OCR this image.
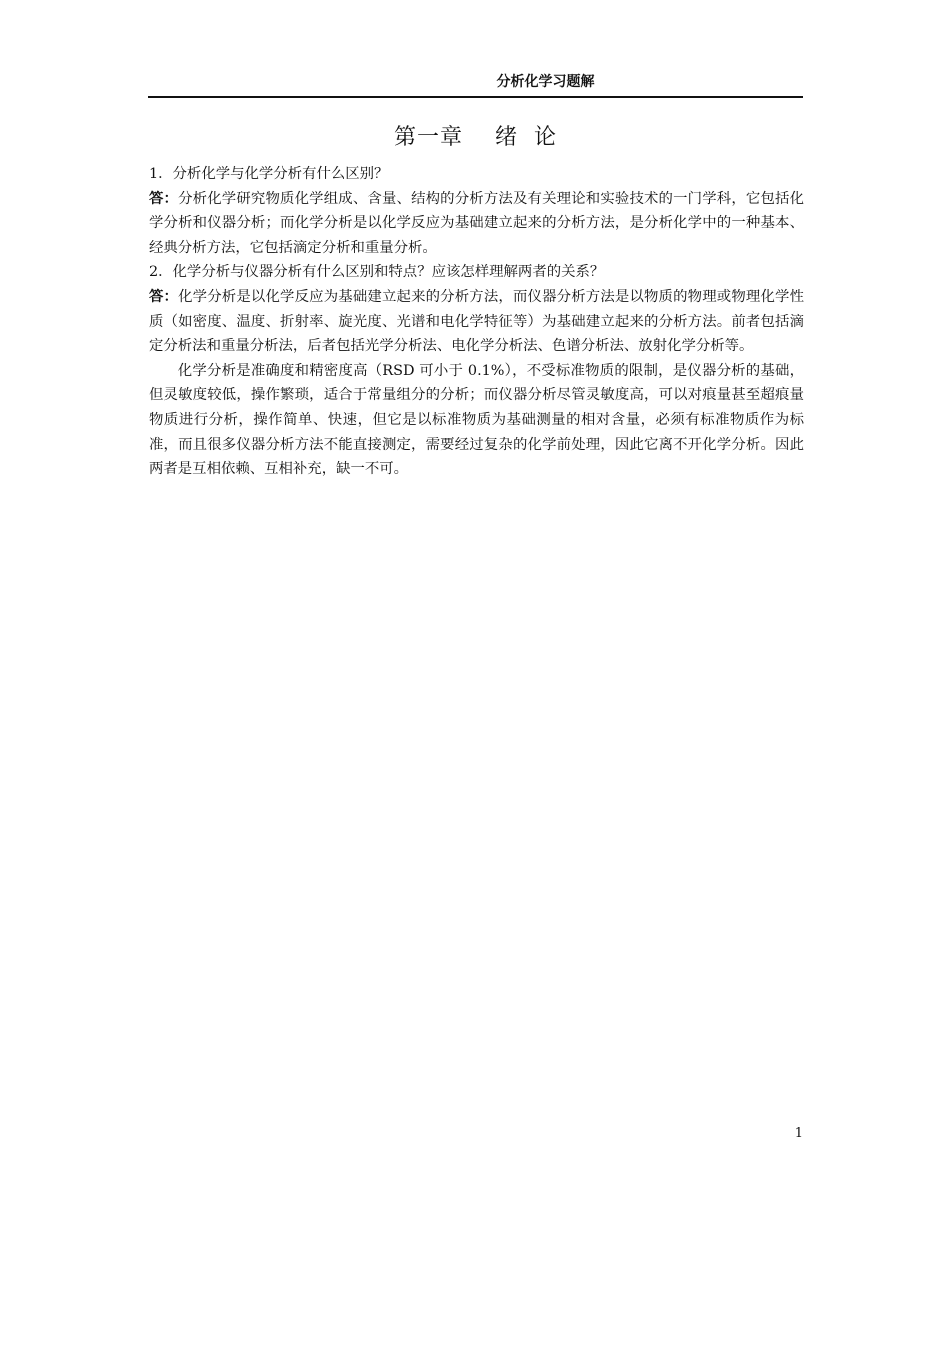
分析化学习题解
第一章    绪  论

1．分析化学与化学分析有什么区别？

答：分析化学研究物质化学组成、含量、结构的分析方法及有关理论和实验技术的一门学科，它包括化学分析和仪器分析；而化学分析是以化学反应为基础建立起来的分析方法，是分析化学中的一种基本、经典分析方法，它包括滴定分析和重量分析。

2．化学分析与仪器分析有什么区别和特点？应该怎样理解两者的关系？

答：化学分析是以化学反应为基础建立起来的分析方法，而仪器分析方法是以物质的物理或物理化学性质（如密度、温度、折射率、旋光度、光谱和电化学特征等）为基础建立起来的分析方法。前者包括滴定分析法和重量分析法，后者包括光学分析法、电化学分析法、色谱分析法、放射化学分析等。

化学分析是准确度和精密度高（RSD 可小于 0.1%），不受标准物质的限制，是仪器分析的基础，但灵敏度较低，操作繁琐，适合于常量组分的分析；而仪器分析尽管灵敏度高，可以对痕量甚至超痕量物质进行分析，操作简单、快速，但它是以标准物质为基础测量的相对含量，必须有标准物质作为标准，而且很多仪器分析方法不能直接测定，需要经过复杂的化学前处理，因此它离不开化学分析。因此两者是互相依赖、互相补充，缺一不可。

1
